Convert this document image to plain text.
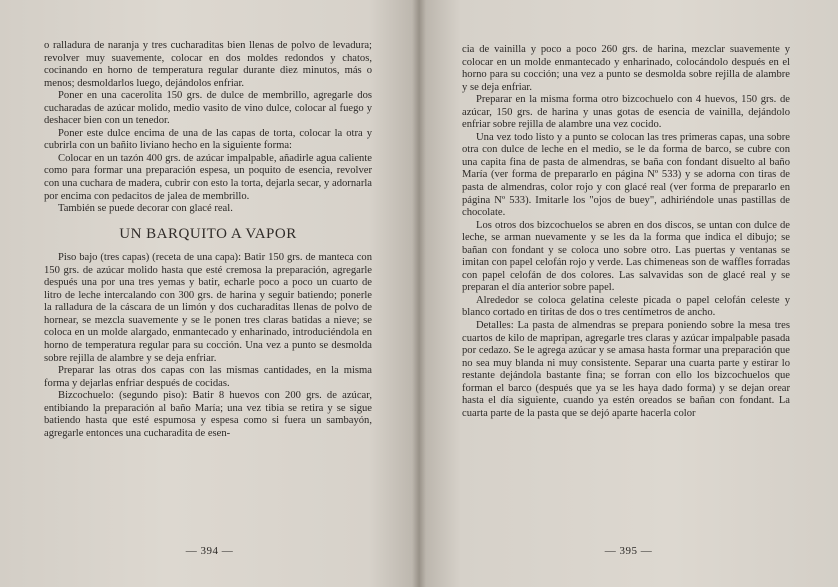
o ralladura de naranja y tres cucharaditas bien llenas de polvo de levadura; revolver muy suavemente, colocar en dos moldes redondos y chatos, cocinando en horno de temperatura regular durante diez minutos, más o menos; desmoldarlos luego, dejándolos enfriar.

Poner en una cacerolita 150 grs. de dulce de membrillo, agregarle dos cucharadas de azúcar molido, medio vasito de vino dulce, colocar al fuego y deshacer bien con un tenedor.

Poner este dulce encima de una de las capas de torta, colocar la otra y cubrirla con un bañito liviano hecho en la siguiente forma:

Colocar en un tazón 400 grs. de azúcar impalpable, añadirle agua caliente como para formar una preparación espesa, un poquito de esencia, revolver con una cuchara de madera, cubrir con esto la torta, dejarla secar, y adornarla por encima con pedacitos de jalea de membrillo.

También se puede decorar con glacé real.

UN BARQUITO A VAPOR

Piso bajo (tres capas) (receta de una capa): Batir 150 grs. de manteca con 150 grs. de azúcar molido hasta que esté cremosa la preparación, agregarle después una por una tres yemas y batir, echarle poco a poco un cuarto de litro de leche intercalando con 300 grs. de harina y seguir batiendo; ponerle la ralladura de la cáscara de un limón y dos cucharaditas llenas de polvo de hornear, se mezcla suavemente y se le ponen tres claras batidas a nieve; se coloca en un molde alargado, enmantecado y enharinado, introduciéndola en horno de temperatura regular para su cocción. Una vez a punto se desmolda sobre rejilla de alambre y se deja enfriar.

Preparar las otras dos capas con las mismas cantidades, en la misma forma y dejarlas enfriar después de cocidas.

Bizcochuelo: (segundo piso): Batir 8 huevos con 200 grs. de azúcar, entibiando la preparación al baño María; una vez tibia se retira y se sigue batiendo hasta que esté espumosa y espesa como si fuera un sambayón, agregarle entonces una cucharadita de esen-

— 394 —

cia de vainilla y poco a poco 260 grs. de harina, mezclar suavemente y colocar en un molde enmantecado y enharinado, colocándolo después en el horno para su cocción; una vez a punto se desmolda sobre rejilla de alambre y se deja enfriar.

Preparar en la misma forma otro bizcochuelo con 4 huevos, 150 grs. de azúcar, 150 grs. de harina y unas gotas de esencia de vainilla, dejándolo enfriar sobre rejilla de alambre una vez cocido.

Una vez todo listo y a punto se colocan las tres primeras capas, una sobre otra con dulce de leche en el medio, se le da forma de barco, se cubre con una capita fina de pasta de almendras, se baña con fondant disuelto al baño María (ver forma de prepararlo en página Nº 533) y se adorna con tiras de pasta de almendras, color rojo y con glacé real (ver forma de prepararlo en página Nº 533). Imitarle los "ojos de buey", adhiriéndole unas pastillas de chocolate.

Los otros dos bizcochuelos se abren en dos discos, se untan con dulce de leche, se arman nuevamente y se les da la forma que indica el dibujo; se bañan con fondant y se coloca uno sobre otro. Las puertas y ventanas se imitan con papel celofán rojo y verde. Las chimeneas son de waffles forradas con papel celofán de dos colores. Las salvavidas son de glacé real y se preparan el día anterior sobre papel.

Alrededor se coloca gelatina celeste picada o papel celofán celeste y blanco cortado en tiritas de dos o tres centímetros de ancho.

Detalles: La pasta de almendras se prepara poniendo sobre la mesa tres cuartos de kilo de mapripan, agregarle tres claras y azúcar impalpable pasada por cedazo. Se le agrega azúcar y se amasa hasta formar una preparación que no sea muy blanda ni muy consistente. Separar una cuarta parte y estirar lo restante dejándola bastante fina; se forran con ello los bizcochuelos que forman el barco (después que ya se les haya dado forma) y se dejan orear hasta el día siguiente, cuando ya estén oreados se bañan con fondant. La cuarta parte de la pasta que se dejó aparte hacerla color

— 395 —
